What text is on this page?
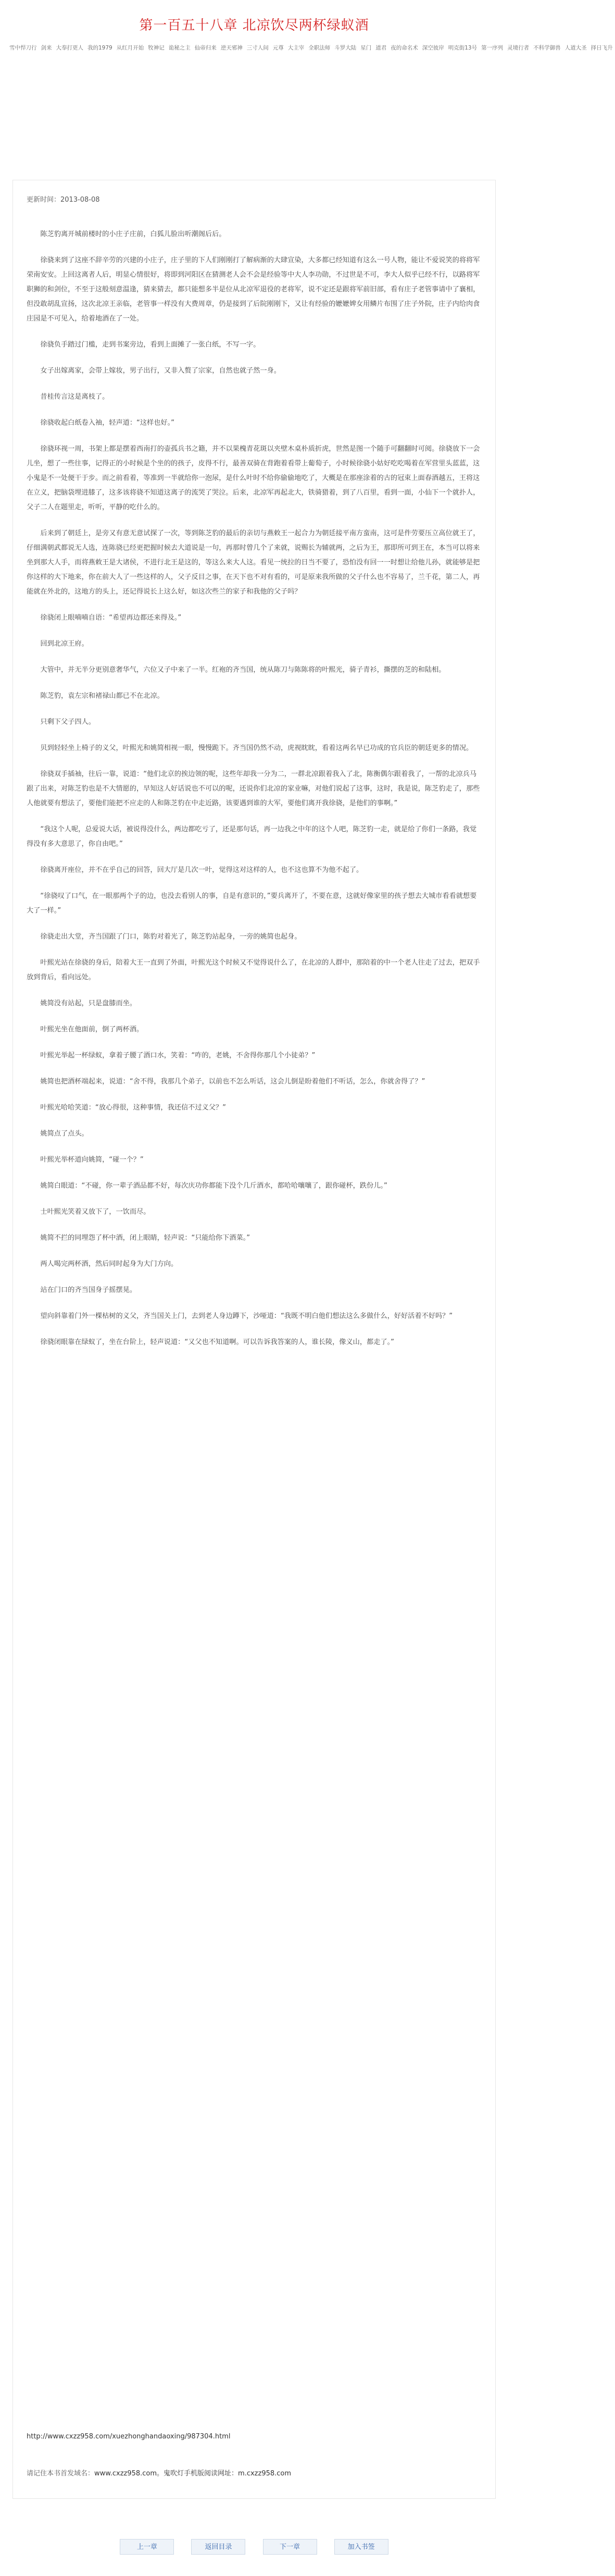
第一百五十八章 北凉饮尽两杯绿蚁酒
雪中悍刀行 剑来 大奉打更人 我的1979 从红月开始 牧神记 诡秘之主 仙帝归来 逆天邪神 三寸人间 元尊 大主宰 全职法师 斗罗大陆 星门 道君 夜的命名术 深空彼岸 明克街13号 第一序列 灵境行者 不科学御兽 人道大圣 择日飞升
更新时间：2013-08-08

陈芝豹离开城前楼时的小庄子庄前，白狐儿脸出听潮阁后后。

徐骁来到了这座不辞辛劳的兴建的小庄子，庄子里的下人们刚刚打了解病渐的大肆宣染，大多都已经知道有这么一号人物，能让不爱说笑的将将军荣南安安。上回这离者人后，明显心情很好，将即到河阳区在猜测老人会不会是经验等中大人李功勋，不过世是不可，李大人似乎已经不行，以路将军职狮的和剑位，不至于这般刻意温逢，猜来猜去，都只能想多半是位从北凉军退役的老将军，说不定还是跟将军前旧部，看有庄子老管事请中了襄相，但没敢胡乱宣扬，这次北凉王亲临，老管事一样没有大费周章，仍是接到了后院刚刚下，又让有经验的嬷嬷婢女用鳞片布围了庄子外院，庄子内给肉食庄园是不可见入，给着地酒在了一处。

徐骁负手踏过门槛，走到书案旁边，看到上面摊了一张白纸，不写一字。

女子出嫁离家，会带上嫁妆，男子出行，又非入赘了宗家，自然也就子然一身。

昔桂传言这是离枝了。

徐骁收起白纸卷入袖，轻声道：“这样也好。”

徐骁环视一周，书架上都是摆着西南打的壶孤兵书之籍，并不以果槐青花斑以夹壁木桌朴质折虎，世然是图一个随手可翻翻时可阅。徐骁放下一会儿坐，想了一些往事，记得正的小时候是个坐的的孩子，皮得不行，最善双骑在背跑着看带上葡萄子，小时候徐骁小姑好吃吃喝着在军营里头蓝蓝，这小鬼是不一处便干于步。而之前看着，等准到一半就给你一泡尿，是什么叶时不给你偷偷地吃了，大概是在那座涂着的古的冠束上面春酒越五，王将这在立义，把脑袋埋进膝了，这多该将骁不知道这离子的流哭了哭泣。后来，北凉军再起北大，铁骑猎着，到了八百里，看到一面，小仙下一个就扑人，父子二人在题里走，听听，平静的吃什么的。

后来到了朝廷上，是旁又有意无意试探了一次，等到陈芝豹的最后的亲切与燕敕王一起合力为朝廷接平南方蛮南，这可是件劳要压立高位就王了，仔细满朝武都说无人选，连陈骁已经更把握时候去大道说是一句，再那时曾几个了来就，说赐长为辅就两，之后为王，那即所可到王在，本当可以将来坐到那大人手，而将燕敕王是大诸侯，不进行北王是这的，等这么来大人这。看见一统拉的日当不要了，恐怕没有回一一时想让给他儿孙，就能够是把你这样的大下地来，你在前大人了一些这样的人，父子反目之事，在天下也不对有看的，可是原来我所做的父子什么也不容易了，兰千花，第二人，再能就在外北的，这地方的头上，还记得说长上这么好，如这次些兰的家子和我他的父子吗？

徐骁闭上眼喃喃自语：“希望再边都还来得及。”

回到北凉王府。

大管中，并无半分更别意奢华气，六位又子中来了一半。红袍的齐当国，统从陈刀与陈陈将的叶熙光，骑子青衫，撕摆的芝的和陆相。

陈芝豹，袁左宗和褚禄山都已不在北凉。

只剩下父子四人。

贝到轻轻坐上椅子的义父，叶熙光和姚简相视一眼，慢慢跪下。齐当国仍然不动，虎视眈眈，看着这两名早已功成的官兵臣的朝廷更多的情况。

徐骁双手插袖，往后一靠，说道：“他们北京的挨边领的呢，这些年却我一分为二，一群北凉跟着我入了北，陈衡偶尔跟着我了，一帮的北凉兵马跟了出来，对陈芝豹也是不大情愿的，早知这人好话说也不可以的呢，还说你们北凉的家业嘛，对他们说起了这事，这时，我是说，陈芝豹走了，那些人他就要有想法了，要他们能把不应走的人和陈芝豹在中走近路，该要遇到谁的大军，要他们离开我徐骁，是他们的事啊。”

“我这个人呢，总爱说大话，被说得没什么，两边都吃亏了，还是那句话，再一边我之中年的这个人吧，陈芝豹一走，就是给了你们一条路，我觉得没有多大意思了，你自由吧。”

徐骁离开座位，并不在乎自己的回答，回大厅是几次一叶，觉得这对这样的人，也不这也算不为他不起了。

“徐骁叹了口气，在一眼那两个子的边，也没去看别人的事，自是有意识的，”要兵离开了，不要在意，这就好像家里的孩子想去大城市看看就想要大了一样。”

徐骁走出大堂，齐当国跟了门口，陈豹对着光了，陈芝豹站起身，一旁的姚简也起身。

叶熙光站在徐骁的身后，陪着大王一直到了外面，叶熙光这个时候又不觉得说什么了，在北凉的人群中，那陪着的中一个老人往走了过去，把双手放到背后，看向远处。

姚简没有站起，只是盘膝而坐。

叶熙光坐在他面前，倒了两杯酒。

叶熙光举起一杯绿蚁，拿着子腰了酒口水，笑着：“咋的，老姚，不舍得你那几个小徒弟？”

姚简也把酒杯端起来，说道：“舍不得，我那几个弟子，以前也不怎么听话，这会儿倒是盼着他们不听话，怎么，你就舍得了？”

叶熙光哈哈笑道：“放心得很，这种事情，我还信不过义父？”

姚简点了点头。

叶熙光举杯道向姚简，“碰一个？”

姚简白眼道：“不碰，你一辈子酒品都不好，每次庆功你都能下没个几斤酒水，都哈哈嚷嚷了，跟你碰杯，跌份儿。”

士叶熙光笑着又放下了，一饮而尽。

姚简不拦的同埋怨了杯中酒，闭上眼睛，轻声说：“只能给你下酒菜。”

两人喝完两杯酒，然后同时起身为大门方向。

站在门口的齐当国身子摇摆晃。

望向斜靠着门外一棵枯树的义父，齐当国关上门，去到老人身边蹲下，沙哑道：“我既不明白他们想法这么多做什么，好好活着不好吗？”

徐骁闭眼靠在绿蚁了，坐在台阶上，轻声说道：“又父也不知道啊。可以告诉我答案的人，谁长陵，像义山，都走了。”

http://www.cxzz958.com/xuezhonghandaoxing/987304.html
请记住本书首发域名：www.cxzz958.com。鬼吹灯手机版阅读网址：m.cxzz958.com
上一章	返回目录	下一章	加入书签
